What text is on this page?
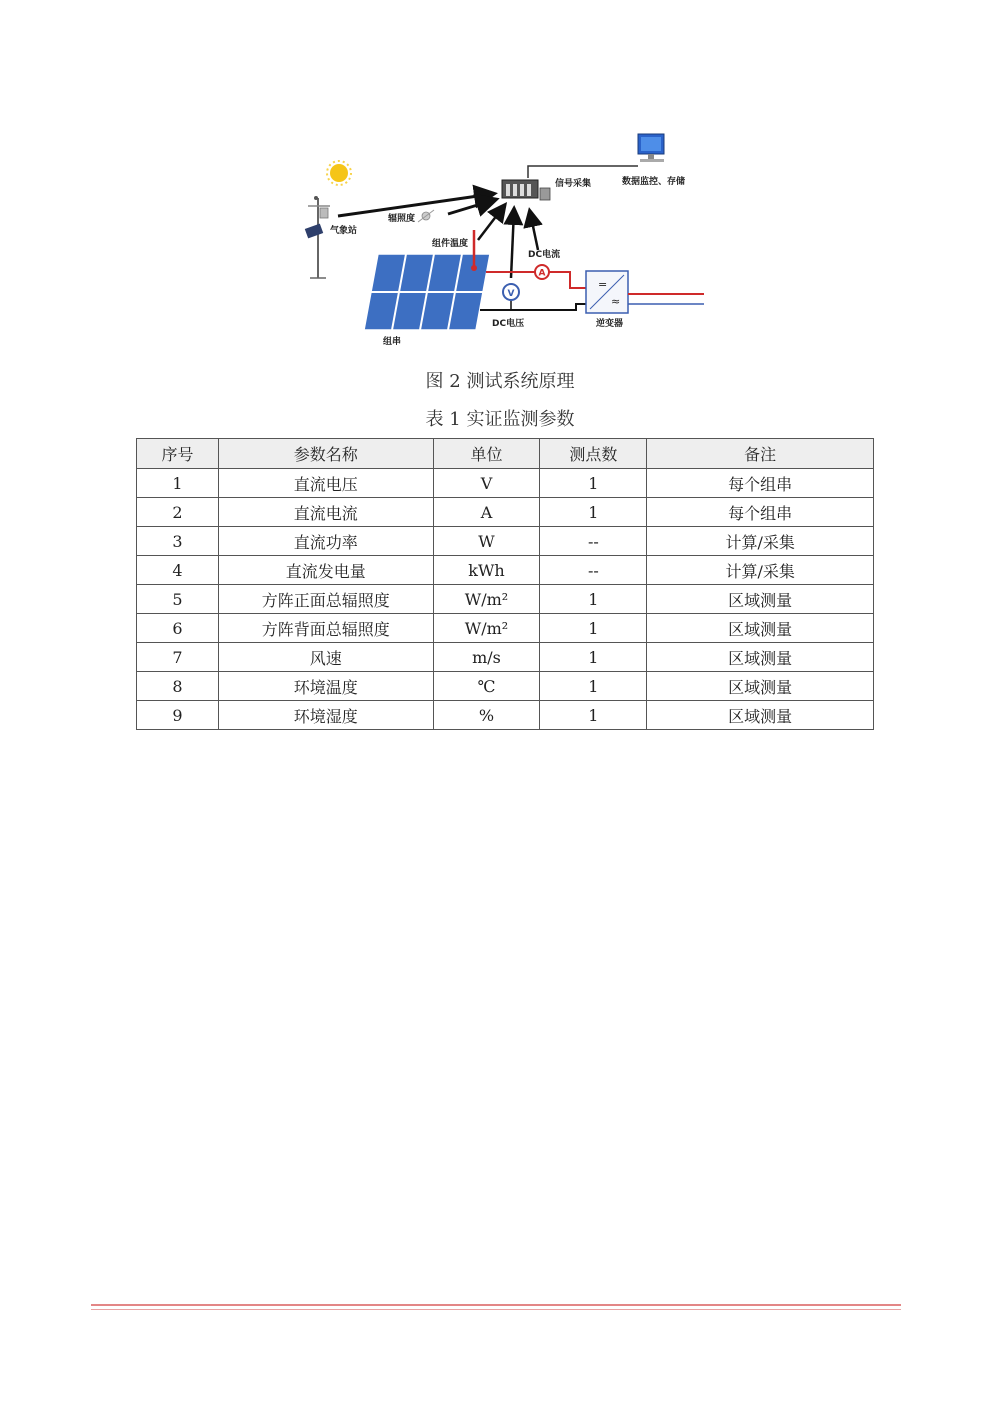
气象站
辐照度
信号采集	数据监控、存储
组串
组件温度
A
DC电流
V
DC电压
=
≈
逆变器
图 2 测试系统原理
表 1 实证监测参数
序号	参数名称	单位	测点数	备注
1	直流电压	V	1	每个组串
2	直流电流	A	1	每个组串
3	直流功率	W	--	计算/采集
4	直流发电量	kWh	--	计算/采集
5	方阵正面总辐照度	W/m²	1	区域测量
6	方阵背面总辐照度	W/m²	1	区域测量
7	风速	m/s	1	区域测量
8	环境温度	℃	1	区域测量
9	环境湿度	%	1	区域测量
